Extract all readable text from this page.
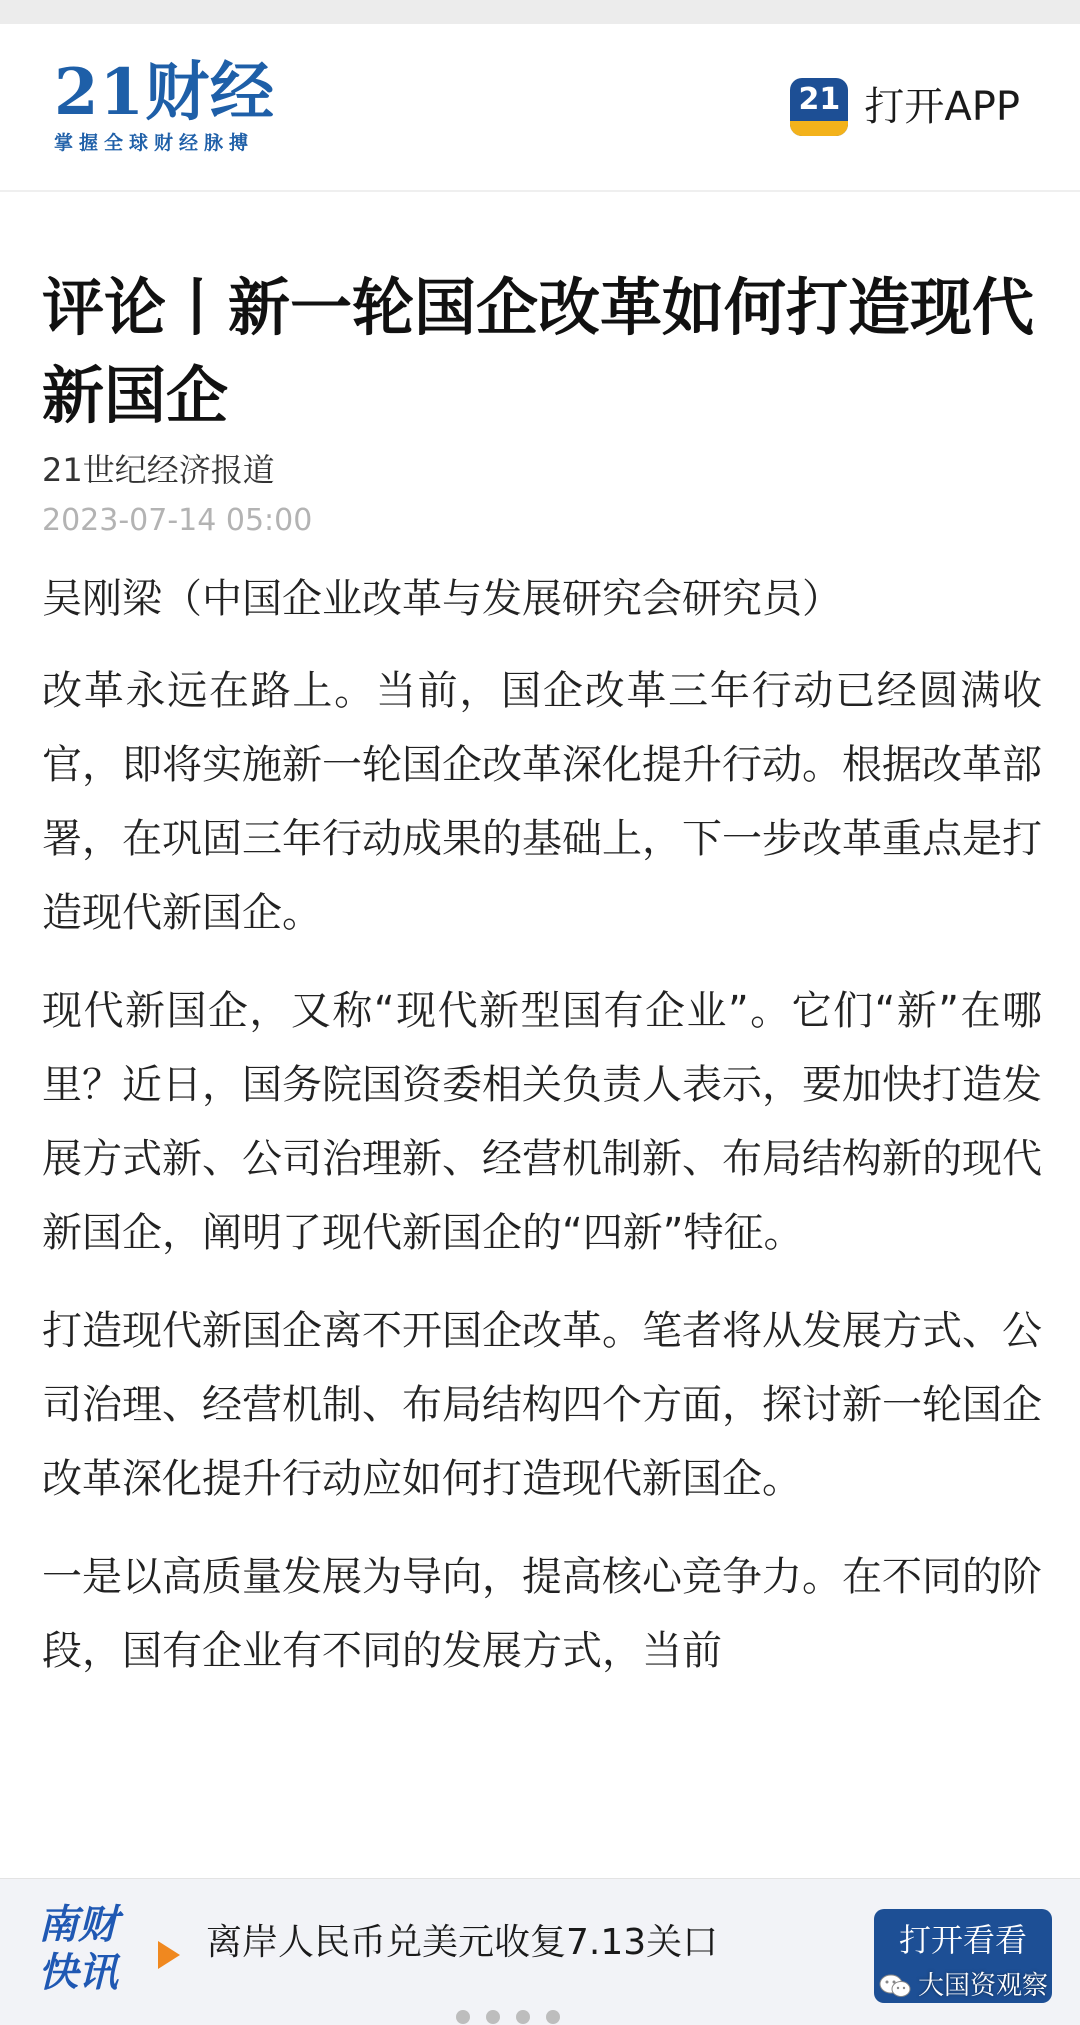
21财经
掌握全球财经脉搏
21 打开APP
评论丨新一轮国企改革如何打造现代新国企
21世纪经济报道
2023-07-14 05:00
吴刚梁（中国企业改革与发展研究会研究员）
改革永远在路上。当前，国企改革三年行动已经圆满收官，即将实施新一轮国企改革深化提升行动。根据改革部署，在巩固三年行动成果的基础上，下一步改革重点是打造现代新国企。
现代新国企，又称“现代新型国有企业”。它们“新”在哪里？近日，国务院国资委相关负责人表示，要加快打造发展方式新、公司治理新、经营机制新、布局结构新的现代新国企，阐明了现代新国企的“四新”特征。
打造现代新国企离不开国企改革。笔者将从发展方式、公司治理、经营机制、布局结构四个方面，探讨新一轮国企改革深化提升行动应如何打造现代新国企。
一是以高质量发展为导向，提高核心竞争力。在不同的阶段，国有企业有不同的发展方式，当前
南财
快讯
离岸人民币兑美元收复7.13关口	打开看看
大国资观察
